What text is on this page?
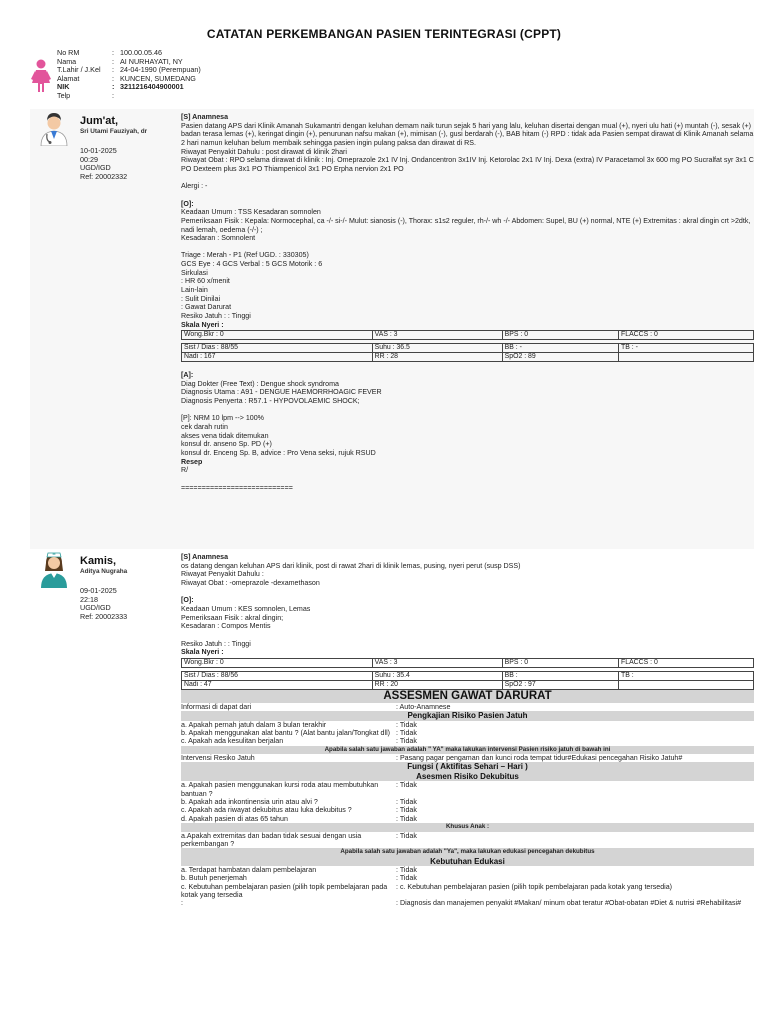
CATATAN PERKEMBANGAN PASIEN TERINTEGRASI (CPPT)
No RM	: 100.00.05.46
Nama	: AI NURHAYATI, NY
T.Lahir / J.Kel	: 24-04-1990 (Perempuan)
Alamat	: KUNCEN, SUMEDANG
NIK	: 3211216404900001
Telp	:
Jum'at,
Sri Utami Fauziyah, dr
10-01-2025
00:29
UGD/IGD
Ref: 20002332
[S] Anamnesa
Pasien datang APS dari Klinik Amanah Sukamantri dengan keluhan demam naik turun sejak 5 hari yang lalu, keluhan disertai dengan mual (+), nyeri ulu hati (+) muntah (-), sesak (+) badan terasa lemas (+), keringat dingin (+), penurunan nafsu makan (+), mimisan (-), gusi berdarah (-), BAB hitam (-) RPD : tidak ada Pasien sempat dirawat di Klinik Amanah selama 2 hari namun keluhan belum membaik sehingga pasien ingin pulang paksa dan dirawat di RS.
Riwayat Penyakit Dahulu : post dirawat di klinik 2hari
Riwayat Obat : RPO selama dirawat di klinik : Inj. Omeprazole 2x1 IV Inj. Ondancentron 3x1IV Inj. Ketorolac 2x1 IV Inj. Dexa (extra) IV Paracetamol 3x 600 mg PO Sucralfat syr 3x1 C PO Dexteem plus 3x1 PO Thiampenicol 3x1 PO Erpha nervion 2x1 PO
Alergi : -
[O]:
Keadaan Umum : TSS Kesadaran somnolen
Pemeriksaan Fisik : Kepala: Normocephal, ca -/- si-/- Mulut: sianosis (-), Thorax: s1s2 reguler, rh-/- wh -/- Abdomen: Supel, BU (+) normal, NTE (+) Extremitas : akral dingin crt >2dtk, nadi lemah, oedema (-/-) ;
Kesadaran : Somnolent
Triage : Merah - P1 (Ref UGD. : 330305)
GCS Eye : 4 GCS Verbal : 5 GCS Motorik : 6
Sirkulasi
: HR 60 x/menit
Lain-lain
: Sulit Dinilai
: Gawat Darurat
Resiko Jatuh : : Tinggi
Skala Nyeri :
Wong.Bkr : 0	VAS : 3	BPS : 0	FLACCS : 0

Sist / Dias : 88/55	Suhu : 36.5	BB : -	TB : -
Nadi : 167	RR : 28	SpO2 : 89	
[A]:
Diag Dokter (Free Text) : Dengue shock syndroma
Diagnosis Utama : A91 - DENGUE HAEMORRHOAGIC FEVER
Diagnosis Penyerta : R57.1 - HYPOVOLAEMIC SHOCK;
[P]: NRM 10 lpm --> 100%
cek darah rutin
akses vena tidak ditemukan
konsul dr. anseno Sp. PD (+)
konsul dr. Enceng Sp. B, advice : Pro Vena seksi, rujuk RSUD
Resep
R/
===========================
Kamis,
Aditya Nugraha
09-01-2025
22:18
UGD/IGD
Ref: 20002333
[S] Anamnesa
os datang dengan keluhan APS dari klinik, post di rawat 2hari di klinik lemas, pusing, nyeri perut (susp DSS)
Riwayat Penyakit Dahulu :
Riwayat Obat : -omeprazole -dexamethason
[O]:
Keadaan Umum : KES somnolen, Lemas
Pemeriksaan Fisik : akral dingin;
Kesadaran : Compos Mentis
Resiko Jatuh : : Tinggi
Skala Nyeri :
Wong.Bkr : 0	VAS : 3	BPS : 0	FLACCS : 0

Sist / Dias : 88/56	Suhu : 35.4	BB :	TB :
Nadi : 47	RR : 20	SpO2 : 97	
ASSESMEN GAWAT DARURAT
Informasi di dapat dari	: Auto-Anamnese
Pengkajian Risiko Pasien Jatuh
a. Apakah pernah jatuh dalam 3 bulan terakhir	: Tidak
b. Apakah menggunakan alat bantu ? (Alat bantu jalan/Tongkat dll) : Tidak
c. Apakah ada kesulitan berjalan	: Tidak
Apabila salah satu jawaban adalah " YA" maka lakukan intervensi Pasien risiko jatuh di bawah ini
Intervensi Resiko Jatuh	: Pasang pagar pengaman dan kunci roda tempat tidur#Edukasi pencegahan Risiko Jatuh#
Fungsi ( Aktifitas Sehari – Hari )
Asesmen Risiko Dekubitus
a. Apakah pasien menggunakan kursi roda atau membutuhkan bantuan ?
: Tidak
b. Apakah ada inkontinensia urin atau alvi ?	: Tidak
c. Apakah ada riwayat dekubitus atau luka dekubitus ?	: Tidak
d. Apakah pasien di atas 65 tahun	: Tidak
Khusus Anak :
a.Apakah extremitas dan badan tidak sesuai dengan usia perkembangan ?
: Tidak
Apabila salah satu jawaban adalah "Ya", maka lakukan edukasi pencegahan dekubitus
Kebutuhan Edukasi
a. Terdapat hambatan dalam pembelajaran	: Tidak
b. Butuh penerjemah	: Tidak
c. Kebutuhan pembelajaran pasien (pilih topik pembelajaran pada kotak yang tersedia
: c. Kebutuhan pembelajaran pasien (pilih topik pembelajaran pada kotak yang tersedia)
:	: Diagnosis dan manajemen penyakit #Makan/ minum obat teratur #Obat-obatan #Diet & nutrisi #Rehabilitasi#
